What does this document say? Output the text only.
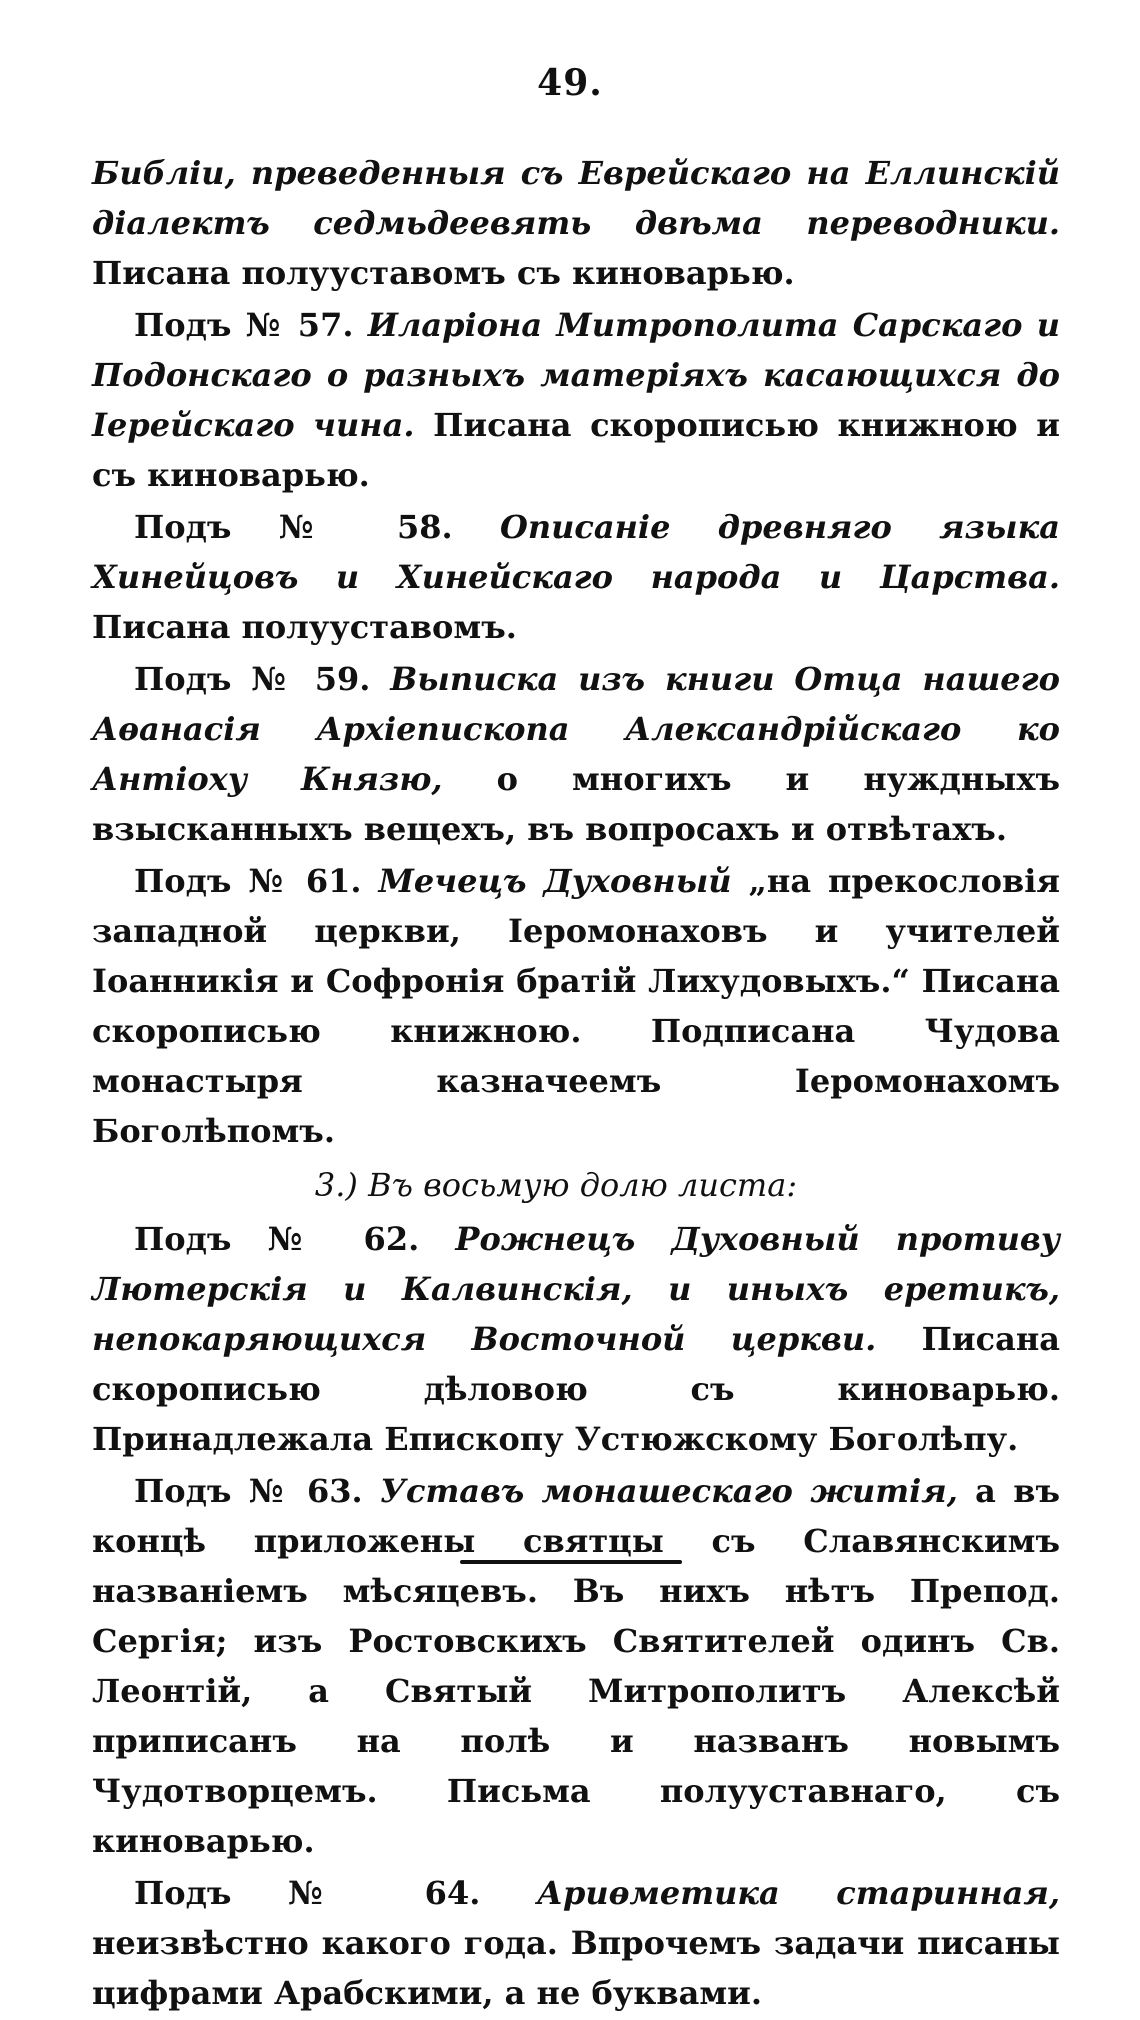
49.

Библіи, преведенныя съ Еврейскаго на Еллинскій діалектъ седмьдеевять двѣма переводники. Писана полууставомъ съ киноварью.

Подъ № 57. Иларіона Митрополита Сарскаго и Подонскаго о разныхъ матеріяхъ касающихся до Іерейскаго чина. Писана скорописью книжною и съ киноварью.

Подъ № 58. Описаніе древняго языка Хинейцовъ и Хинейскаго народа и Царства. Писана полууставомъ.

Подъ № 59. Выписка изъ книги Отца нашего Аѳанасія Архіепископа Александрійскаго ко Антіоху Князю, о многихъ и нуждныхъ взысканныхъ вещехъ, въ вопросахъ и отвѣтахъ.

Подъ № 61. Мечецъ Духовный „на прекословія западной церкви, Іеромонаховъ и учителей Іоанникія и Софронія братій Лихудовыхъ.“ Писана скорописью книжною. Подписана Чудова монастыря казначеемъ Іеромонахомъ Боголѣпомъ.

3.) Въ восьмую долю листа:

Подъ № 62. Рожнецъ Духовный противу Лютерскія и Калвинскія, и иныхъ еретикъ, непокаряющихся Восточной церкви. Писана скорописью дѣловою съ киноварью. Принадлежала Епископу Устюжскому Боголѣпу.

Подъ № 63. Уставъ монашескаго житія, а въ концѣ приложены святцы съ Славянскимъ названіемъ мѣсяцевъ. Въ нихъ нѣтъ Препод. Сергія; изъ Ростовскихъ Святителей одинъ Св. Леонтій, а Святый Митрополитъ Алексѣй приписанъ на полѣ и названъ новымъ Чудотворцемъ. Письма полууставнаго, съ киноварью.

Подъ № 64. Ариѳметика старинная, неизвѣстно какого года. Впрочемъ задачи писаны цифрами Арабскими, а не буквами.
